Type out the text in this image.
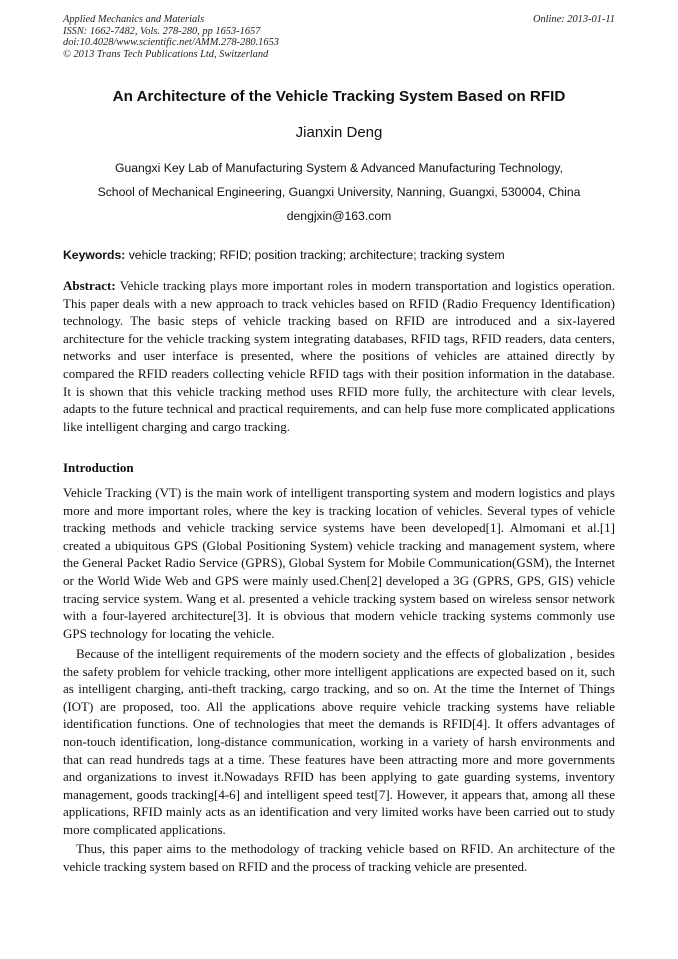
Applied Mechanics and Materials
ISSN: 1662-7482, Vols. 278-280, pp 1653-1657
doi:10.4028/www.scientific.net/AMM.278-280.1653
© 2013 Trans Tech Publications Ltd, Switzerland
Online: 2013-01-11
An Architecture of the Vehicle Tracking System Based on RFID
Jianxin Deng
Guangxi Key Lab of Manufacturing System & Advanced Manufacturing Technology,
School of Mechanical Engineering, Guangxi University, Nanning, Guangxi, 530004, China
dengjxin@163.com
Keywords: vehicle tracking; RFID; position tracking; architecture; tracking system
Abstract: Vehicle tracking plays more important roles in modern transportation and logistics operation. This paper deals with a new approach to track vehicles based on RFID (Radio Frequency Identification) technology. The basic steps of vehicle tracking based on RFID are introduced and a six-layered architecture for the vehicle tracking system integrating databases, RFID tags, RFID readers, data centers, networks and user interface is presented, where the positions of vehicles are attained directly by compared the RFID readers collecting vehicle RFID tags with their position information in the database. It is shown that this vehicle tracking method uses RFID more fully, the architecture with clear levels, adapts to the future technical and practical requirements, and can help fuse more complicated applications like intelligent charging and cargo tracking.
Introduction
Vehicle Tracking (VT) is the main work of intelligent transporting system and modern logistics and plays more and more important roles, where the key is tracking location of vehicles. Several types of vehicle tracking methods and vehicle tracking service systems have been developed[1]. Almomani et al.[1] created a ubiquitous GPS (Global Positioning System) vehicle tracking and management system, where the General Packet Radio Service (GPRS), Global System for Mobile Communication(GSM), the Internet or the World Wide Web and GPS were mainly used.Chen[2] developed a 3G (GPRS, GPS, GIS) vehicle tracing service system. Wang et al. presented a vehicle tracking system based on wireless sensor network with a four-layered architecture[3]. It is obvious that modern vehicle tracking systems commonly use GPS technology for locating the vehicle.
Because of the intelligent requirements of the modern society and the effects of globalization , besides the safety problem for vehicle tracking, other more intelligent applications are expected based on it, such as intelligent charging, anti-theft tracking, cargo tracking, and so on. At the time the Internet of Things (IOT) are proposed, too. All the applications above require vehicle tracking systems have reliable identification functions. One of technologies that meet the demands is RFID[4]. It offers advantages of non-touch identification, long-distance communication, working in a variety of harsh environments and that can read hundreds tags at a time. These features have been attracting more and more governments and organizations to invest it.Nowadays RFID has been applying to gate guarding systems, inventory management, goods tracking[4-6] and intelligent speed test[7]. However, it appears that, among all these applications, RFID mainly acts as an identification and very limited works have been carried out to study more complicated applications.
Thus, this paper aims to the methodology of tracking vehicle based on RFID. An architecture of the vehicle tracking system based on RFID and the process of tracking vehicle are presented.
